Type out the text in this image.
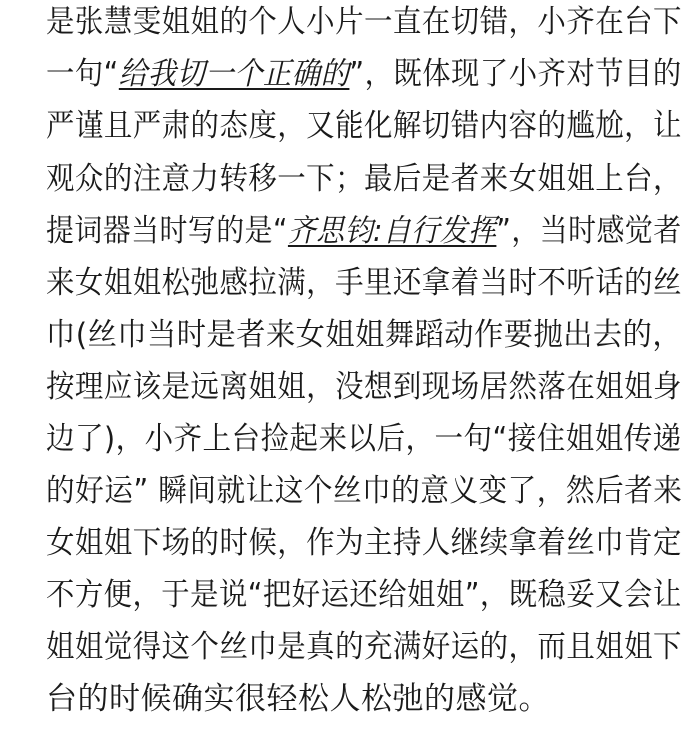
是张慧雯姐姐的个人小片一直在切错，小齐在台下
一句“给我切一个正确的”，既体现了小齐对节目的
严谨且严肃的态度，又能化解切错内容的尴尬，让
观众的注意力转移一下；最后是者来女姐姐上台，
提词器当时写的是“齐思钧:自行发挥”，当时感觉者
来女姐姐松弛感拉满，手里还拿着当时不听话的丝
巾(丝巾当时是者来女姐姐舞蹈动作要抛出去的，
按理应该是远离姐姐，没想到现场居然落在姐姐身
边了)，小齐上台捡起来以后，一句“接住姐姐传递
的好运” 瞬间就让这个丝巾的意义变了，然后者来
女姐姐下场的时候，作为主持人继续拿着丝巾肯定
不方便，于是说“把好运还给姐姐”，既稳妥又会让
姐姐觉得这个丝巾是真的充满好运的，而且姐姐下
台的时候确实很轻松人松弛的感觉。
